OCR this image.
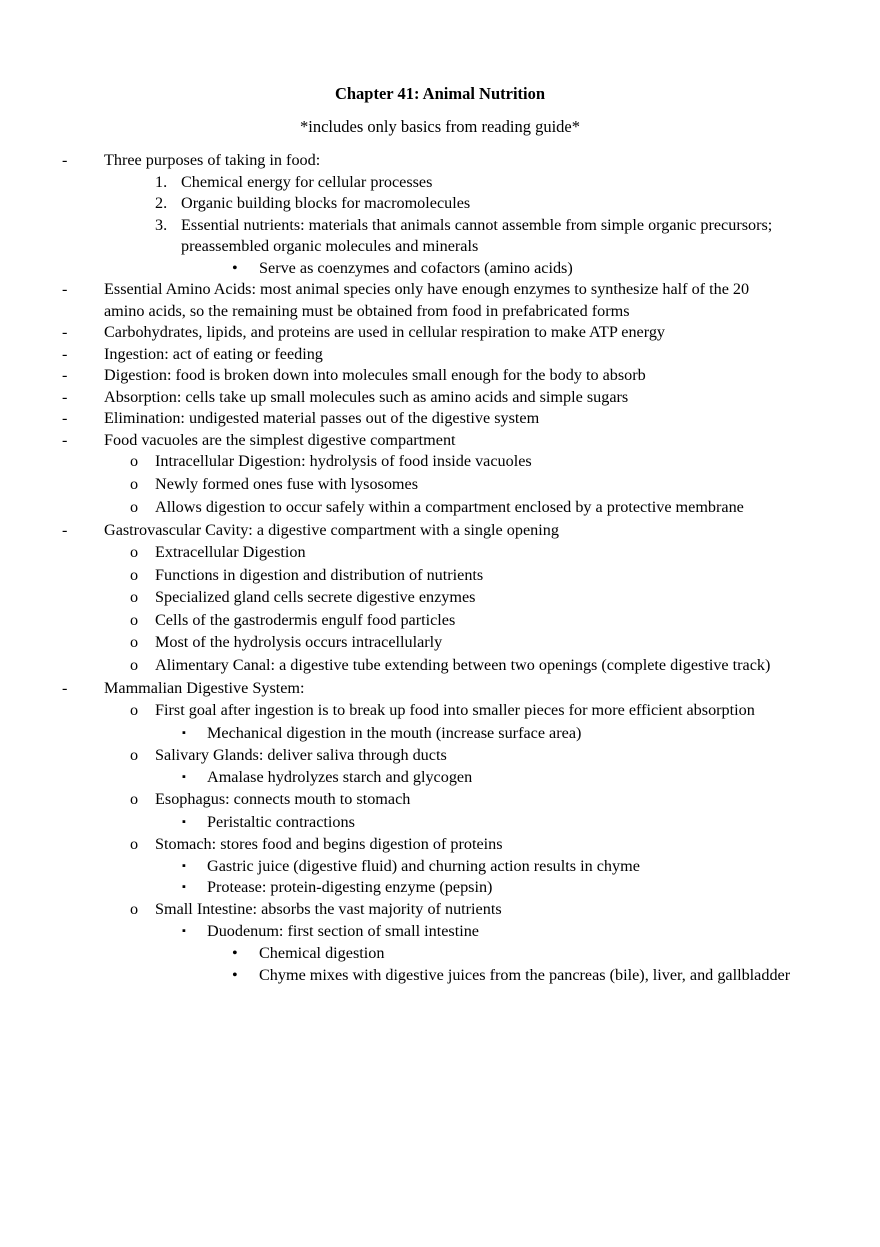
Chapter 41: Animal Nutrition
*includes only basics from reading guide*
- Three purposes of taking in food:
1. Chemical energy for cellular processes
2. Organic building blocks for macromolecules
3. Essential nutrients: materials that animals cannot assemble from simple organic precursors;
preassembled organic molecules and minerals
• Serve as coenzymes and cofactors (amino acids)
- Essential Amino Acids: most animal species only have enough enzymes to synthesize half of the 20
amino acids, so the remaining must be obtained from food in prefabricated forms
- Carbohydrates, lipids, and proteins are used in cellular respiration to make ATP energy
- Ingestion: act of eating or feeding
- Digestion: food is broken down into molecules small enough for the body to absorb
- Absorption: cells take up small molecules such as amino acids and simple sugars
- Elimination: undigested material passes out of the digestive system
- Food vacuoles are the simplest digestive compartment
o Intracellular Digestion: hydrolysis of food inside vacuoles
o Newly formed ones fuse with lysosomes
o Allows digestion to occur safely within a compartment enclosed by a protective membrane
- Gastrovascular Cavity: a digestive compartment with a single opening
o Extracellular Digestion
o Functions in digestion and distribution of nutrients
o Specialized gland cells secrete digestive enzymes
o Cells of the gastrodermis engulf food particles
o Most of the hydrolysis occurs intracellularly
o Alimentary Canal: a digestive tube extending between two openings (complete digestive track)
- Mammalian Digestive System:
o First goal after ingestion is to break up food into smaller pieces for more efficient absorption
▪ Mechanical digestion in the mouth (increase surface area)
o Salivary Glands: deliver saliva through ducts
▪ Amalase hydrolyzes starch and glycogen
o Esophagus: connects mouth to stomach
▪ Peristaltic contractions
o Stomach: stores food and begins digestion of proteins
▪ Gastric juice (digestive fluid) and churning action results in chyme
▪ Protease: protein-digesting enzyme (pepsin)
o Small Intestine: absorbs the vast majority of nutrients
▪ Duodenum: first section of small intestine
• Chemical digestion
• Chyme mixes with digestive juices from the pancreas (bile), liver, and gallbladder
